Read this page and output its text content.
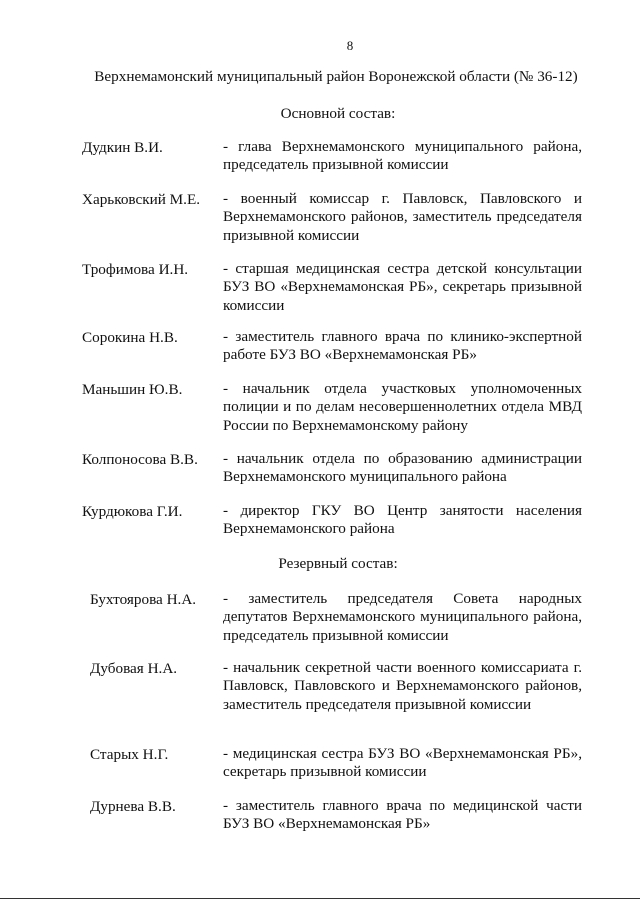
8
Верхнемамонский муниципальный район Воронежской области (№ 36-12)
Основной состав:
Дудкин В.И.	- глава Верхнемамонского муниципального района, председатель призывной комиссии
Харьковский М.Е. - военный комиссар г. Павловск, Павловского и Верхнемамонского районов, заместитель председателя призывной комиссии
Трофимова И.Н. - старшая медицинская сестра детской консультации БУЗ ВО «Верхнемамонская РБ», секретарь призывной комиссии
Сорокина Н.В.	- заместитель главного врача по клинико-экспертной работе БУЗ ВО «Верхнемамонская РБ»
Маньшин Ю.В.	- начальник отдела участковых уполномоченных полиции и по делам несовершеннолетних отдела МВД России по Верхнемамонскому району
Колпоносова В.В. - начальник отдела по образованию администрации Верхнемамонского муниципального района
Курдюкова Г.И.	- директор ГКУ ВО Центр занятости населения Верхнемамонского района
Резервный состав:
Бухтоярова Н.А. - заместитель председателя Совета народных депутатов Верхнемамонского муниципального района, председатель призывной комиссии
Дубовая Н.А.	- начальник секретной части военного комиссариата г. Павловск, Павловского и Верхнемамонского районов, заместитель председателя призывной комиссии
Старых Н.Г.	- медицинская сестра БУЗ ВО «Верхнемамонская РБ», секретарь призывной комиссии
Дурнева В.В.	- заместитель главного врача по медицинской части БУЗ ВО «Верхнемамонская РБ»
